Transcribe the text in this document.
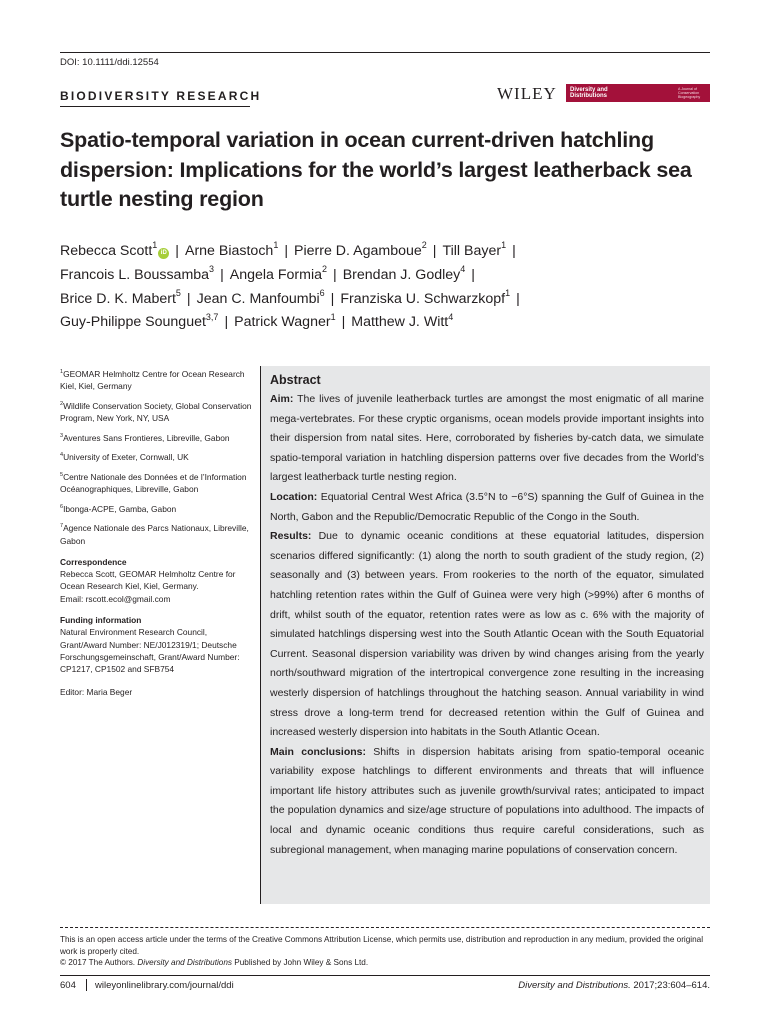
DOI: 10.1111/ddi.12554
BIODIVERSITY RESEARCH	WILEY Diversity and Distributions
A Journal of Conservation Biogeography
Spatio-temporal variation in ocean current-driven hatchling dispersion: Implications for the world’s largest leatherback sea turtle nesting region
Rebecca Scott$^1$iD | Arne Biastoch$^1$ | Pierre D. Agamboue$^2$ | Till Bayer$^1$ |
Francois L. Boussamba$^3$ | Angela Formia$^2$ | Brendan J. Godley$^4$ |
Brice D. K. Mabert$^5$ | Jean C. Manfoumbi$^6$ | Franziska U. Schwarzkopf$^1$ |
Guy-Philippe Sounguet$^{3,7}$ | Patrick Wagner$^1$ | Matthew J. Witt$^4$
$^1$GEOMAR Helmholtz Centre for Ocean Research Kiel, Kiel, Germany
$^2$Wildlife Conservation Society, Global Conservation Program, New York, NY, USA
$^3$Aventures Sans Frontieres, Libreville, Gabon
$^4$University of Exeter, Cornwall, UK
$^5$Centre Nationale des Données et de l’Information Océanographiques, Libreville, Gabon
$^6$Ibonga-ACPE, Gamba, Gabon
$^7$Agence Nationale des Parcs Nationaux, Libreville, Gabon
Correspondence
Rebecca Scott, GEOMAR Helmholtz Centre for Ocean Research Kiel, Kiel, Germany.
Email: rscott.ecol@gmail.com
Funding information
Natural Environment Research Council, Grant/Award Number: NE/J012319/1; Deutsche Forschungsgemeinschaft, Grant/Award Number: CP1217, CP1502 and SFB754
Editor: Maria Beger
Abstract

Aim: The lives of juvenile leatherback turtles are amongst the most enigmatic of all marine mega-vertebrates. For these cryptic organisms, ocean models provide important insights into their dispersion from natal sites. Here, corroborated by fisheries by-catch data, we simulate spatio-temporal variation in hatchling dispersion patterns over five decades from the World’s largest leatherback turtle nesting region.

Location: Equatorial Central West Africa (3.5°N to −6°S) spanning the Gulf of Guinea in the North, Gabon and the Republic/Democratic Republic of the Congo in the South.

Results: Due to dynamic oceanic conditions at these equatorial latitudes, dispersion scenarios differed significantly: (1) along the north to south gradient of the study region, (2) seasonally and (3) between years. From rookeries to the north of the equator, simulated hatchling retention rates within the Gulf of Guinea were very high (>99%) after 6 months of drift, whilst south of the equator, retention rates were as low as c. 6% with the majority of simulated hatchlings dispersing west into the South Atlantic Ocean with the South Equatorial Current. Seasonal dispersion variability was driven by wind changes arising from the yearly north/southward migration of the intertropical convergence zone resulting in the increasing westerly dispersion of hatchlings throughout the hatching season. Annual variability in wind stress drove a long-term trend for decreased retention within the Gulf of Guinea and increased westerly dispersion into habitats in the South Atlantic Ocean.

Main conclusions: Shifts in dispersion habitats arising from spatio-temporal oceanic variability expose hatchlings to different environments and threats that will influence important life history attributes such as juvenile growth/survival rates; anticipated to impact the population dynamics and size/age structure of populations into adulthood. The impacts of local and dynamic oceanic conditions thus require careful considerations, such as subregional management, when managing marine populations of conservation concern.

This is an open access article under the terms of the Creative Commons Attribution License, which permits use, distribution and reproduction in any medium, provided the original work is properly cited.
© 2017 The Authors. Diversity and Distributions Published by John Wiley & Sons Ltd.
604 wileyonlinelibrary.com/journal/ddi	Diversity and Distributions. 2017;23:604–614.
